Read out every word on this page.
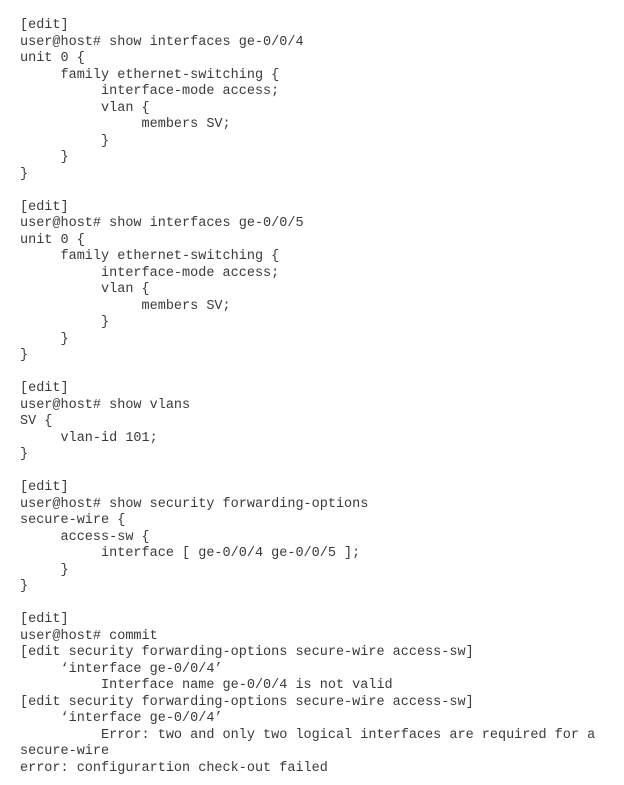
[edit]
user@host# show interfaces ge-0/0/4
unit 0 {
family ethernet-switching {
interface-mode access;
vlan {
members SV;
}
}
}
[edit]
user@host# show interfaces ge-0/0/5
unit 0 {
family ethernet-switching {
interface-mode access;
vlan {
members SV;
}
}
}
[edit]
user@host# show vlans
SV {
vlan-id 101;
}
[edit]
user@host# show security forwarding-options
secure-wire {
access-sw {
interface [ ge-0/0/4 ge-0/0/5 ];
}
}
[edit]
user@host# commit
[edit security forwarding-options secure-wire access-sw]
‘interface ge-0/0/4’
Interface name ge-0/0/4 is not valid
[edit security forwarding-options secure-wire access-sw]
‘interface ge-0/0/4’
Error: two and only two logical interfaces are required for a
secure-wire
error: configurartion check-out failed
